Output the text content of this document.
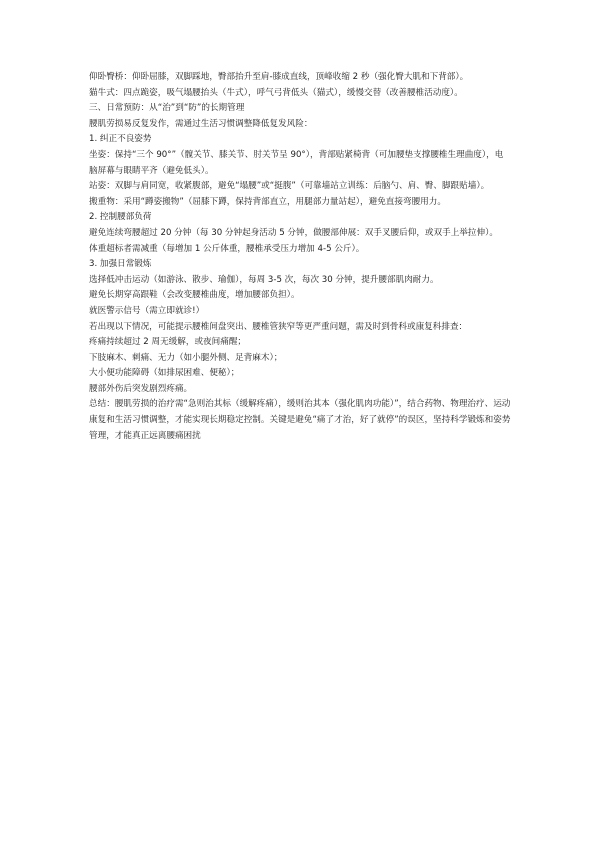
仰卧臀桥：仰卧屈膝，双脚踩地，臀部抬升至肩-膝成直线，顶峰收缩 2 秒（强化臀大肌和下背部）。

猫牛式：四点跪姿，吸气塌腰抬头（牛式），呼气弓背低头（猫式），缓慢交替（改善腰椎活动度）。

三、日常预防：从“治”到“防”的长期管理

腰肌劳损易反复发作，需通过生活习惯调整降低复发风险：

1. 纠正不良姿势

坐姿：保持“三个 90°”（髋关节、膝关节、肘关节呈 90°），背部贴紧椅背（可加腰垫支撑腰椎生理曲度），电脑屏幕与眼睛平齐（避免低头）。

站姿：双脚与肩同宽，收紧腹部，避免“塌腰”或“挺腹”（可靠墙站立训练：后脑勺、肩、臀、脚跟贴墙）。

搬重物：采用“蹲姿搬物”（屈膝下蹲，保持背部直立，用腿部力量站起），避免直接弯腰用力。

2. 控制腰部负荷

避免连续弯腰超过 20 分钟（每 30 分钟起身活动 5 分钟，做腰部伸展：双手叉腰后仰，或双手上举拉伸）。

体重超标者需减重（每增加 1 公斤体重，腰椎承受压力增加 4-5 公斤）。

3. 加强日常锻炼

选择低冲击运动（如游泳、散步、瑜伽），每周 3-5 次，每次 30 分钟，提升腰部肌肉耐力。

避免长期穿高跟鞋（会改变腰椎曲度，增加腰部负担）。

就医警示信号（需立即就诊!）

若出现以下情况，可能提示腰椎间盘突出、腰椎管狭窄等更严重问题，需及时到骨科或康复科排查：

疼痛持续超过 2 周无缓解，或夜间痛醒；

下肢麻木、刺痛、无力（如小腿外侧、足背麻木）；

大小便功能障碍（如排尿困难、便秘）；

腰部外伤后突发剧烈疼痛。

总结：腰肌劳损的治疗需“急则治其标（缓解疼痛），缓则治其本（强化肌肉功能）”，结合药物、物理治疗、运动康复和生活习惯调整，才能实现长期稳定控制。关键是避免“痛了才治，好了就停”的误区，坚持科学锻炼和姿势管理，才能真正远离腰痛困扰
